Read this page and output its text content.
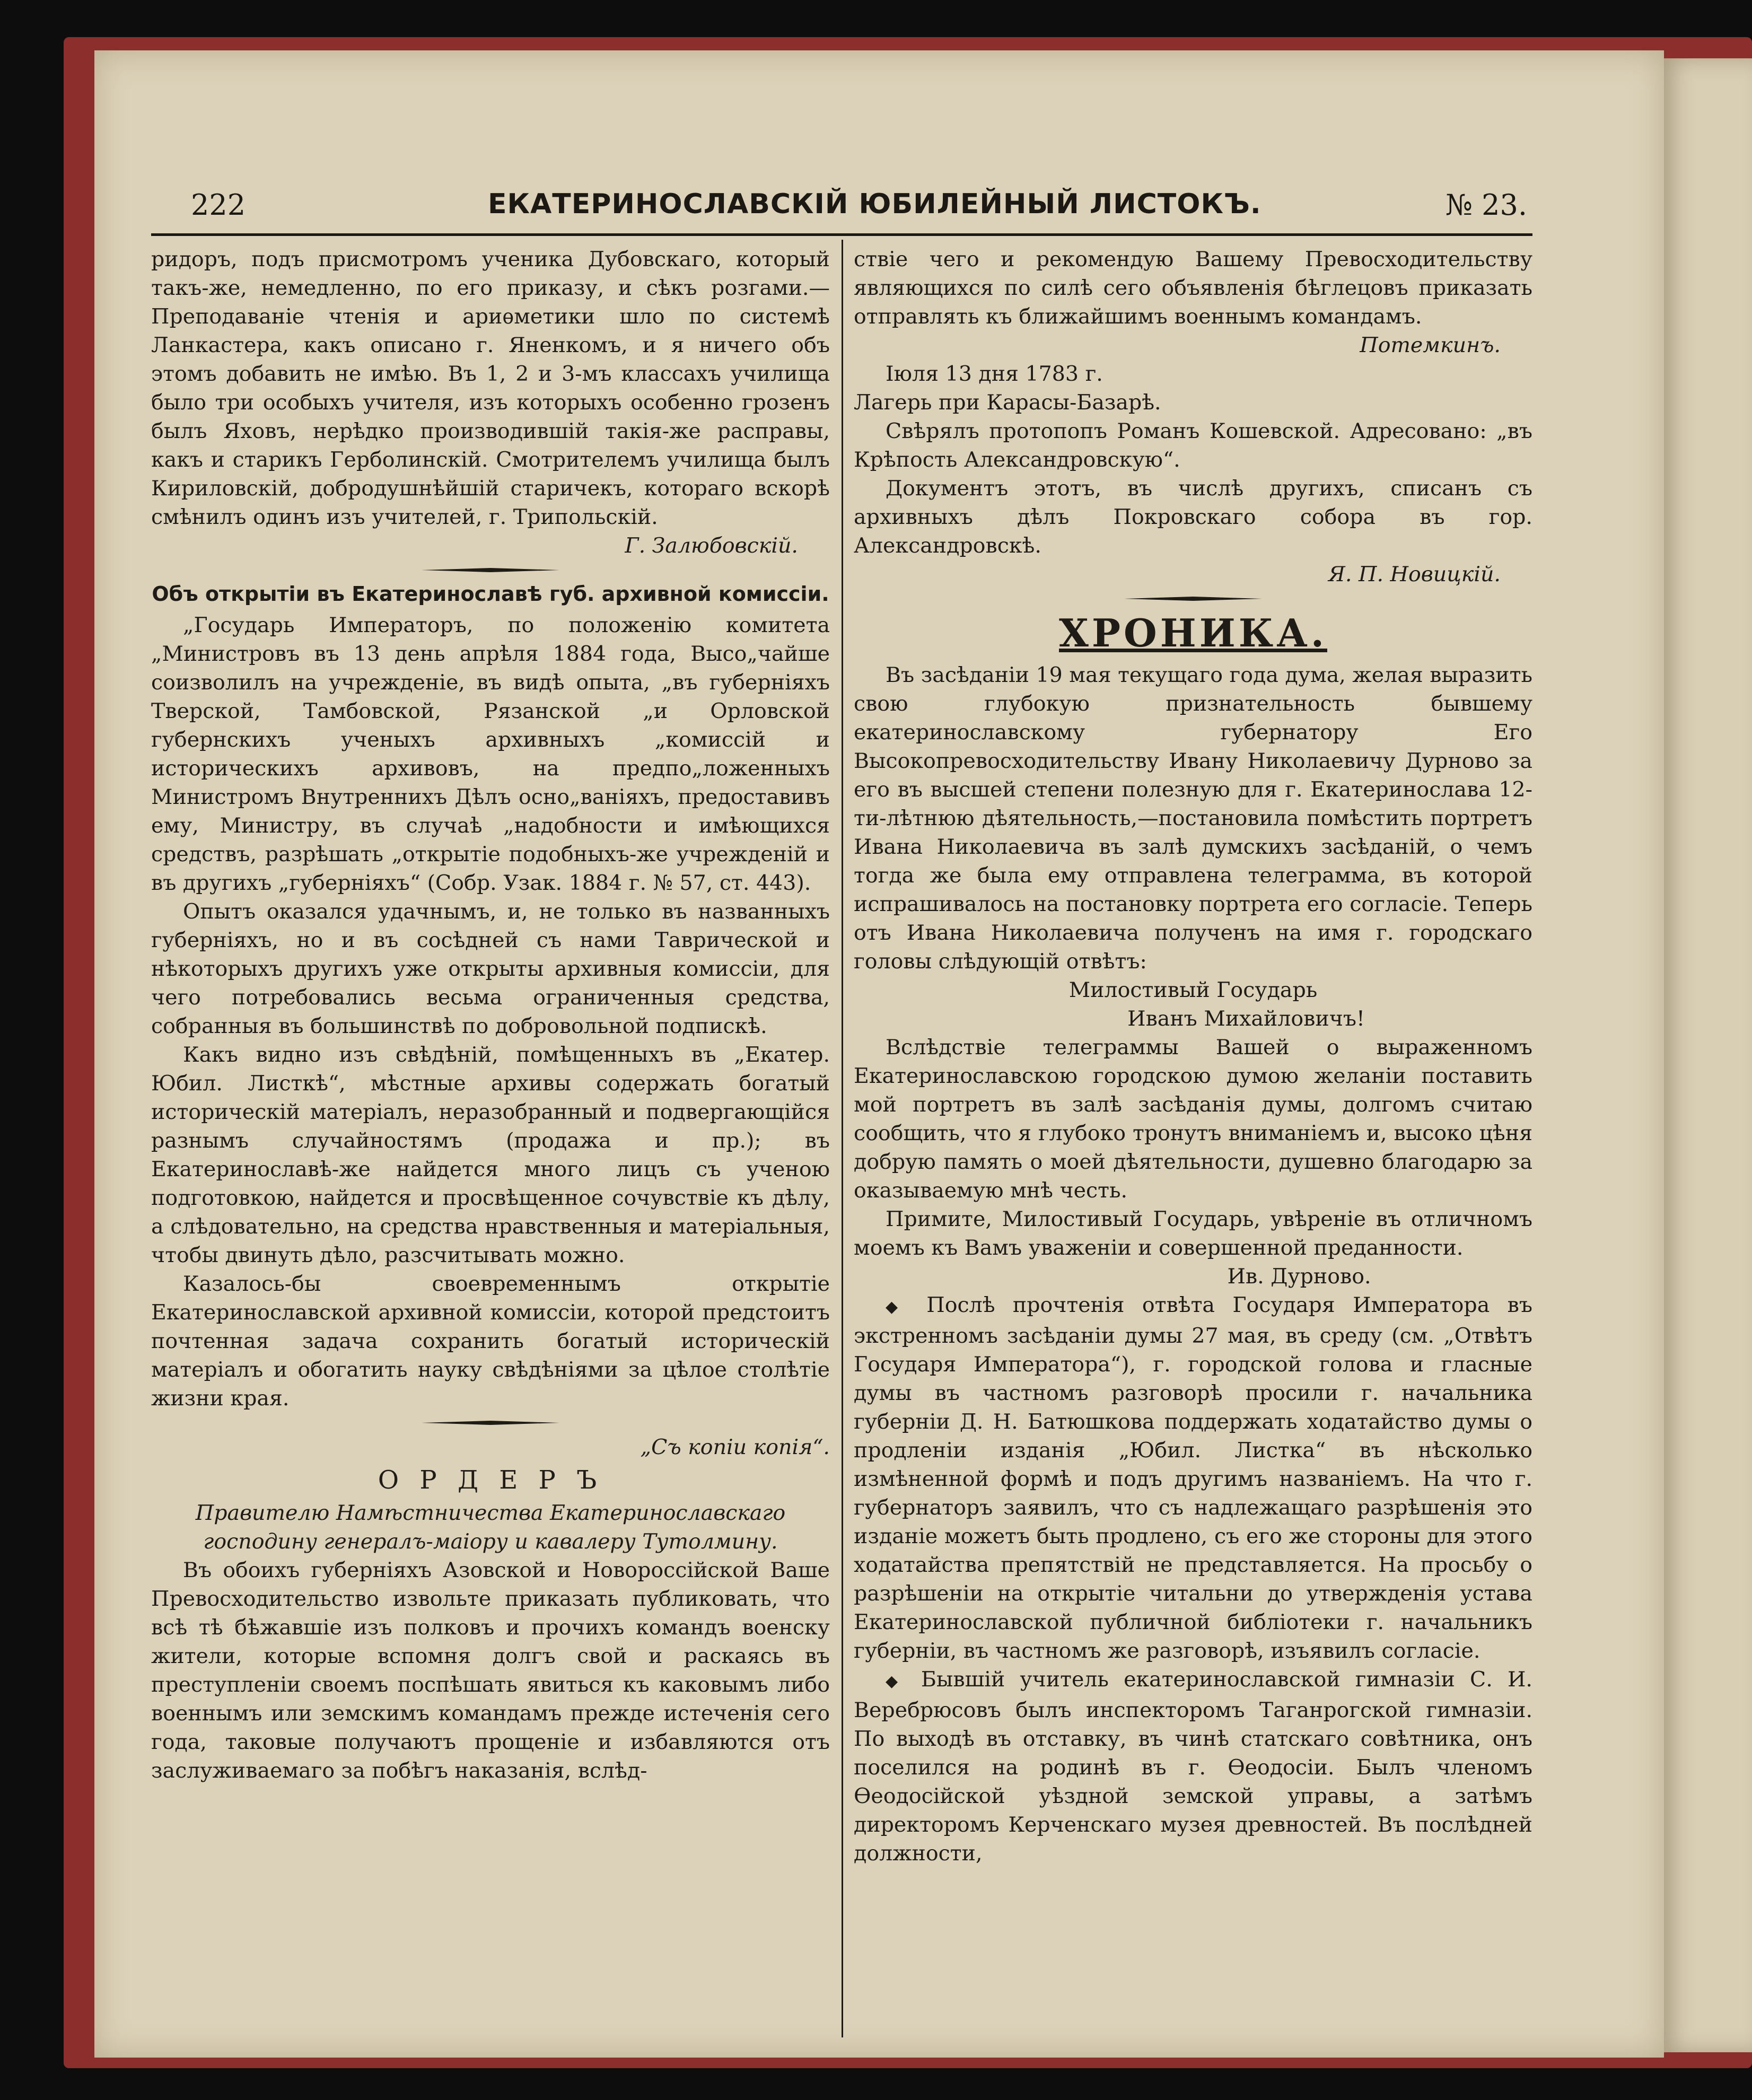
222	ЕКАТЕРИНОСЛАВСКІЙ ЮБИЛЕЙНЫЙ ЛИСТОКЪ.	№ 23.

ридоръ, подъ присмотромъ ученика Дубовскаго, который такъ-же, немедленно, по его приказу, и сѣкъ розгами.—Преподаваніе чтенія и ариѳметики шло по системѣ Ланкастера, какъ описано г. Яненкомъ, и я ничего объ этомъ добавить не имѣю. Въ 1, 2 и 3-мъ классахъ училища было три особыхъ учителя, изъ которыхъ особенно грозенъ былъ Яховъ, нерѣдко производившій такія-же расправы, какъ и старикъ Герболинскій. Смотрителемъ училища былъ Кириловскій, добродушнѣйшій старичекъ, котораго вскорѣ смѣнилъ одинъ изъ учителей, г. Трипольскій.

Г. Залюбовскій.

Объ открытіи въ Екатеринославѣ губ. архивной комиссіи.

„Государь Императоръ, по положенію комитета „Министровъ въ 13 день апрѣля 1884 года, Высо„чайше соизволилъ на учрежденіе, въ видѣ опыта, „въ губерніяхъ Тверской, Тамбовской, Рязанской „и Орловской губернскихъ ученыхъ архивныхъ „комиссій и историческихъ архивовъ, на предпо„ложенныхъ Министромъ Внутреннихъ Дѣлъ осно„ваніяхъ, предоставивъ ему, Министру, въ случаѣ „надобности и имѣющихся средствъ, разрѣшать „открытіе подобныхъ-же учрежденій и въ другихъ „губерніяхъ“ (Собр. Узак. 1884 г. № 57, ст. 443).

Опытъ оказался удачнымъ, и, не только въ названныхъ губерніяхъ, но и въ сосѣдней съ нами Таврической и нѣкоторыхъ другихъ уже открыты архивныя комиссіи, для чего потребовались весьма ограниченныя средства, собранныя въ большинствѣ по добровольной подпискѣ.

Какъ видно изъ свѣдѣній, помѣщенныхъ въ „Екатер. Юбил. Листкѣ“, мѣстные архивы содержать богатый историческій матеріалъ, неразобранный и подвергающійся разнымъ случайностямъ (продажа и пр.); въ Екатеринославѣ-же найдется много лицъ съ ученою подготовкою, найдется и просвѣщенное сочувствіе къ дѣлу, а слѣдовательно, на средства нравственныя и матеріальныя, чтобы двинуть дѣло, разсчитывать можно.

Казалось-бы своевременнымъ открытіе Екатеринославской архивной комиссіи, которой предстоитъ почтенная задача сохранить богатый историческій матеріалъ и обогатить науку свѣдѣніями за цѣлое столѣтіе жизни края.

„Съ копіи копія“.

О Р Д Е Р Ъ

Правителю Намѣстничества Екатеринославскаго господину генералъ-маіору и кавалеру Тутолмину.

Въ обоихъ губерніяхъ Азовской и Новороссійской Ваше Превосходительство извольте приказать публиковать, что всѣ тѣ бѣжавшіе изъ полковъ и прочихъ командъ военску жители, которые вспомня долгъ свой и раскаясь въ преступленіи своемъ поспѣшать явиться къ каковымъ либо военнымъ или земскимъ командамъ прежде истеченія сего года, таковые получаютъ прощеніе и избавляются отъ заслуживаемаго за побѣгъ наказанія, вслѣд-

ствіе чего и рекомендую Вашему Превосходительству являющихся по силѣ сего объявленія бѣглецовъ приказать отправлять къ ближайшимъ военнымъ командамъ.

Потемкинъ.

Іюля 13 дня 1783 г.

Лагерь при Карасы-Базарѣ.

Свѣрялъ протопопъ Романъ Кошевской. Адресовано: „въ Крѣпость Александровскую“.

Документъ этотъ, въ числѣ другихъ, списанъ съ архивныхъ дѣлъ Покровскаго собора въ гор. Александровскѣ.

Я. П. Новицкій.

ХРОНИКА.

Въ засѣданіи 19 мая текущаго года дума, желая выразить свою глубокую признательность бывшему екатеринославскому губернатору Его Высокопревосходительству Ивану Николаевичу Дурново за его въ высшей степени полезную для г. Екатеринослава 12-ти-лѣтнюю дѣятельность,—постановила помѣстить портретъ Ивана Николаевича въ залѣ думскихъ засѣданій, о чемъ тогда же была ему отправлена телеграмма, въ которой испрашивалось на постановку портрета его согласіе. Теперь отъ Ивана Николаевича полученъ на имя г. городскаго головы слѣдующій отвѣтъ:

Милостивый Государь

Иванъ Михайловичъ!

Вслѣдствіе телеграммы Вашей о выраженномъ Екатеринославскою городскою думою желаніи поставить мой портретъ въ залѣ засѣданія думы, долгомъ считаю сообщить, что я глубоко тронутъ вниманіемъ и, высоко цѣня добрую память о моей дѣятельности, душевно благодарю за оказываемую мнѣ честь.

Примите, Милостивый Государь, увѣреніе въ отличномъ моемъ къ Вамъ уваженіи и совершенной преданности.

Ив. Дурново.

◆ Послѣ прочтенія отвѣта Государя Императора въ экстренномъ засѣданіи думы 27 мая, въ среду (см. „Отвѣтъ Государя Императора“), г. городской голова и гласные думы въ частномъ разговорѣ просили г. начальника губерніи Д. Н. Батюшкова поддержать ходатайство думы о продленіи изданія „Юбил. Листка“ въ нѣсколько измѣненной формѣ и подъ другимъ названіемъ. На что г. губернаторъ заявилъ, что съ надлежащаго разрѣшенія это изданіе можетъ быть продлено, съ его же стороны для этого ходатайства препятствій не представляется. На просьбу о разрѣшеніи на открытіе читальни до утвержденія устава Екатеринославской публичной библіотеки г. начальникъ губерніи, въ частномъ же разговорѣ, изъявилъ согласіе.

◆ Бывшій учитель екатеринославской гимназіи С. И. Веребрюсовъ былъ инспекторомъ Таганрогской гимназіи. По выходѣ въ отставку, въ чинѣ статскаго совѣтника, онъ поселился на родинѣ въ г. Ѳеодосіи. Былъ членомъ Ѳеодосійской уѣздной земской управы, а затѣмъ директоромъ Керченскаго музея древностей. Въ послѣдней должности,
